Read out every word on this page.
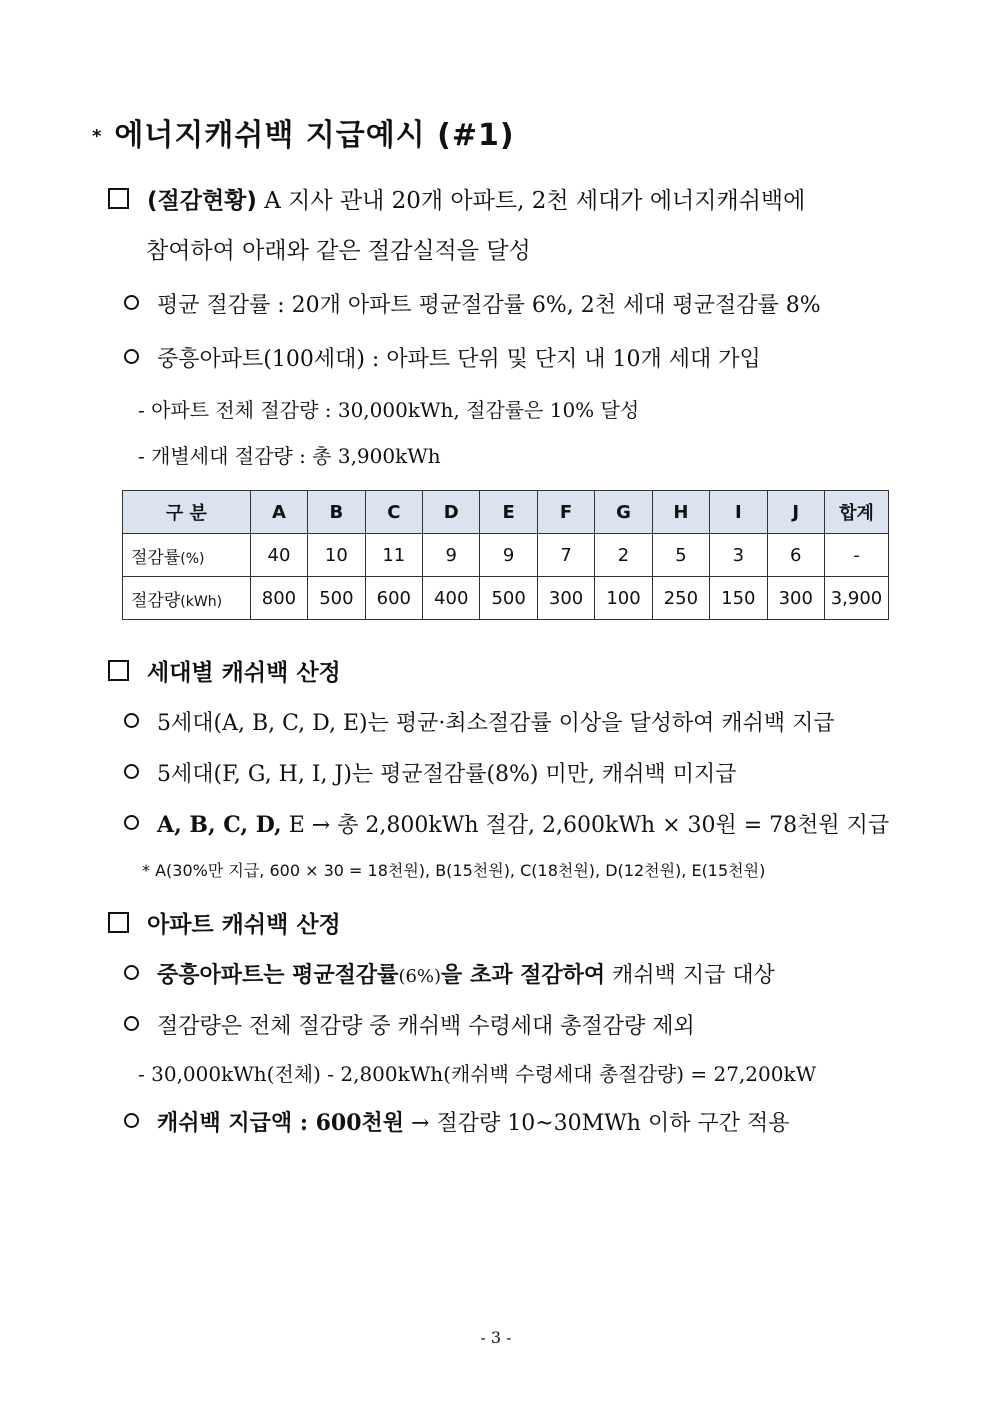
* 에너지캐쉬백 지급예시 (#1)
(절감현황) A 지사 관내 20개 아파트, 2천 세대가 에너지캐쉬백에
참여하여 아래와 같은 절감실적을 달성
평균 절감률 : 20개 아파트 평균절감률 6%, 2천 세대 평균절감률 8%
중흥아파트(100세대) : 아파트 단위 및 단지 내 10개 세대 가입
- 아파트 전체 절감량 : 30,000kWh, 절감률은 10% 달성
- 개별세대 절감량 : 총 3,900kWh
구 분	A	B	C	D	E	F	G	H	I	J	합계
절감률(%)	40	10	11	9	9	7	2	5	3	6	-
절감량(kWh)	800	500	600	400	500	300	100	250	150	300	3,900
세대별 캐쉬백 산정
5세대(A, B, C, D, E)는 평균·최소절감률 이상을 달성하여 캐쉬백 지급
5세대(F, G, H, I, J)는 평균절감률(8%) 미만, 캐쉬백 미지급
A, B, C, D, E → 총 2,800kWh 절감, 2,600kWh × 30원 = 78천원 지급
* A(30%만 지급, 600 × 30 = 18천원), B(15천원), C(18천원), D(12천원), E(15천원)
아파트 캐쉬백 산정
중흥아파트는 평균절감률(6%)을 초과 절감하여 캐쉬백 지급 대상
절감량은 전체 절감량 중 캐쉬백 수령세대 총절감량 제외
- 30,000kWh(전체) - 2,800kWh(캐쉬백 수령세대 총절감량) = 27,200kW
캐쉬백 지급액 : 600천원 → 절감량 10~30MWh 이하 구간 적용
- 3 -
